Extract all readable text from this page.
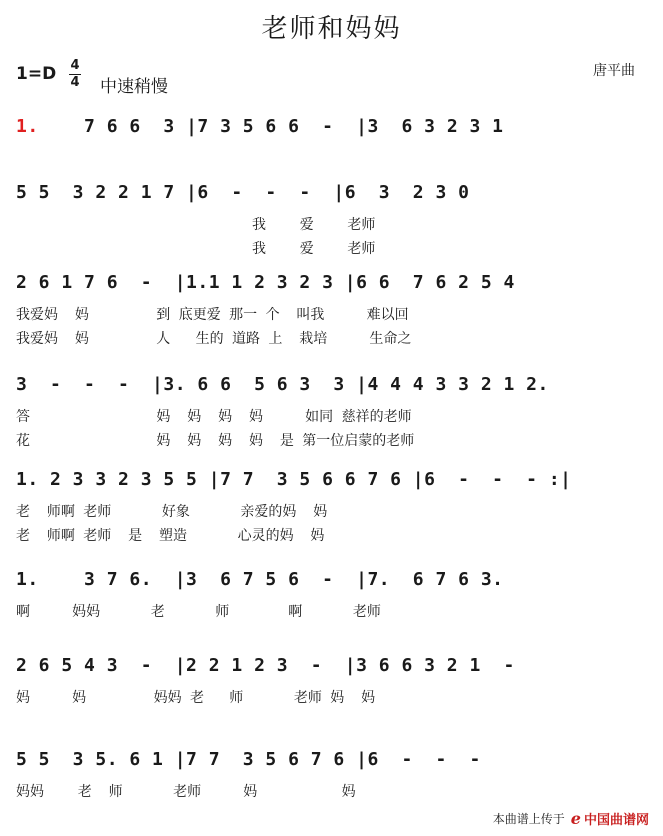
老师和妈妈
唐平曲
1=D 4
4 中速稍慢
1.    7 6 6  3 |7 3 5 6 6  -  |3  6 3 2 3 1
5 5  3 2 2 1 7 |6  -  -  -  |6  3  2 3 0
我    爱    老师
我    爱    老师
2 6 1 7 6  -  |1.1 1 2 3 2 3 |6 6  7 6 2 5 4
我爱妈  妈        到 底更爱 那一 个  叫我     难以回
我爱妈  妈        人   生的 道路 上  栽培     生命之
3  -  -  -  |3. 6 6  5 6 3  3 |4 4 4 3 3 2 1 2.
答               妈  妈  妈  妈     如同 慈祥的老师
花               妈  妈  妈  妈  是 第一位启蒙的老师
1. 2 3 3 2 3 5 5 |7 7  3 5 6 6 7 6 |6  -  -  - :|
老  师啊 老师      好象      亲爱的妈  妈
老  师啊 老师  是  塑造      心灵的妈  妈
1.    3 7 6.  |3  6 7 5 6  -  |7.  6 7 6 3.
啊     妈妈      老      师       啊      老师
2 6 5 4 3  -  |2 2 1 2 3  -  |3 6 6 3 2 1  -
妈     妈        妈妈 老   师      老师 妈  妈
5 5  3 5. 6 1 |7 7  3 5 6 7 6 |6  -  -  -
妈妈    老  师      老师     妈          妈
本曲谱上传于 e 中国曲谱网
